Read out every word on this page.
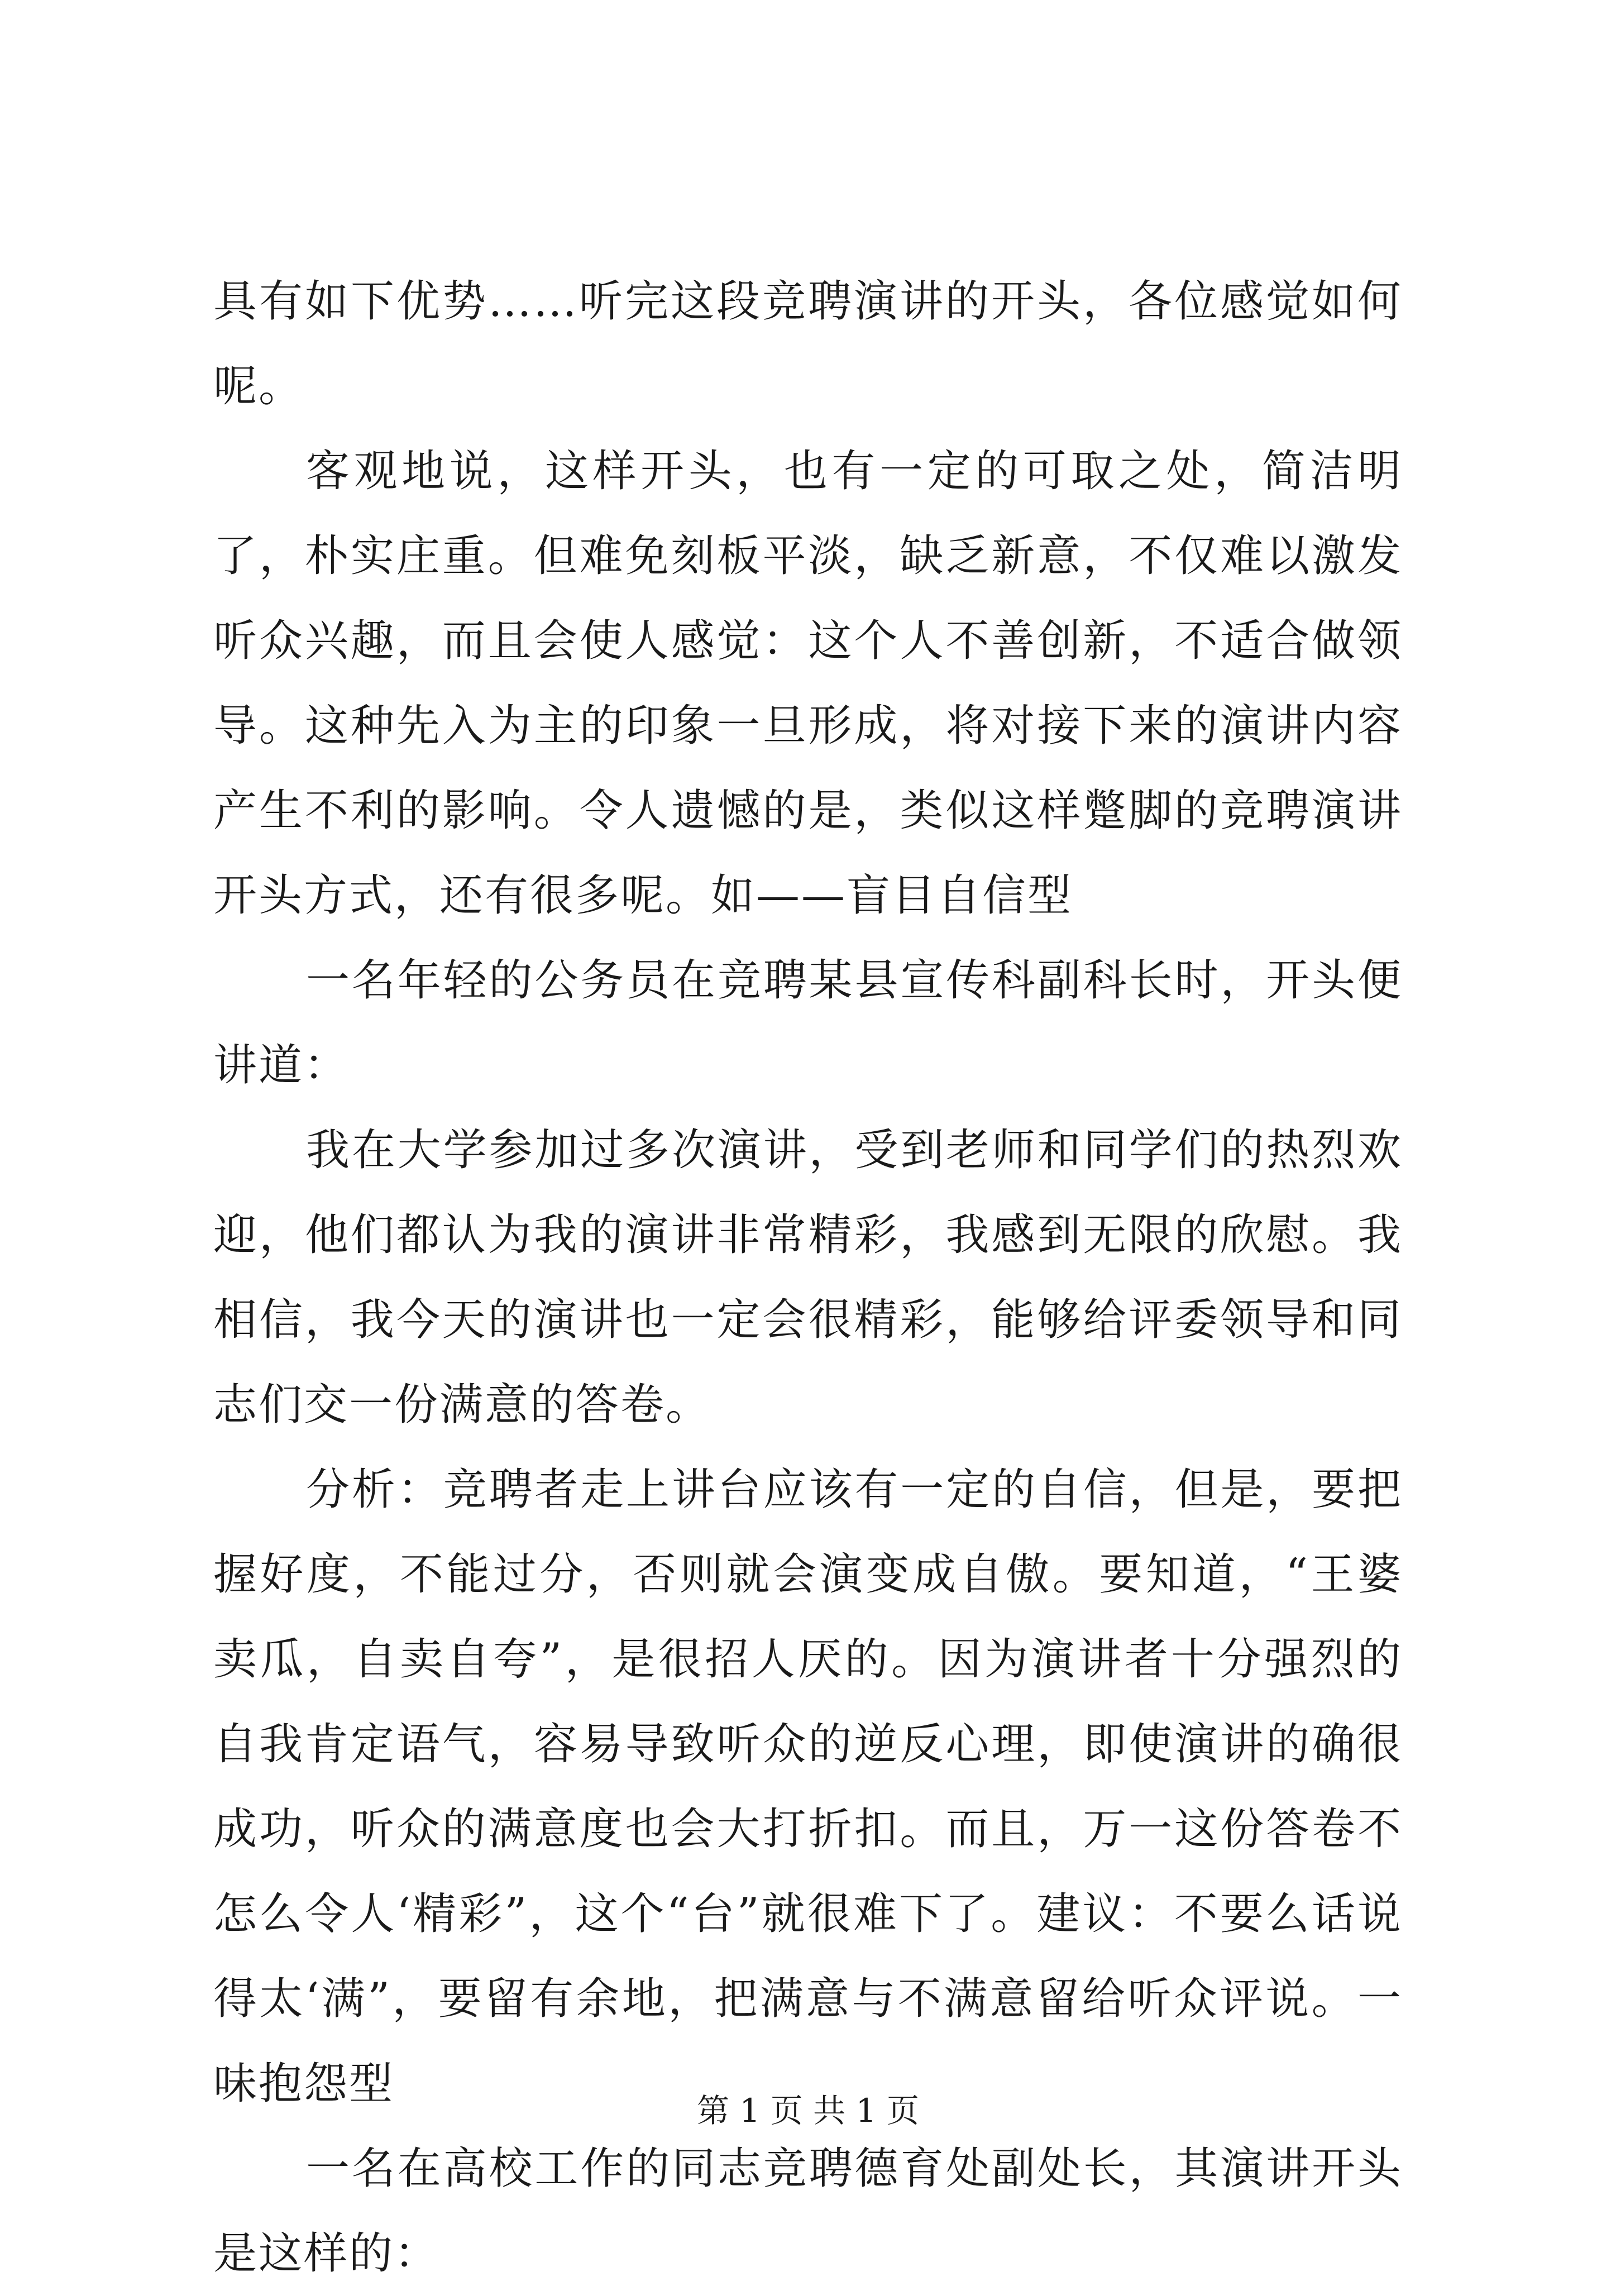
具有如下优势……听完这段竞聘演讲的开头，各位感觉如何呢。

客观地说，这样开头，也有一定的可取之处，简洁明了，朴实庄重。但难免刻板平淡，缺乏新意，不仅难以激发听众兴趣，而且会使人感觉：这个人不善创新，不适合做领导。这种先入为主的印象一旦形成，将对接下来的演讲内容产生不利的影响。令人遗憾的是，类似这样蹩脚的竞聘演讲开头方式，还有很多呢。如——盲目自信型

一名年轻的公务员在竞聘某县宣传科副科长时，开头便讲道：

我在大学参加过多次演讲，受到老师和同学们的热烈欢迎，他们都认为我的演讲非常精彩，我感到无限的欣慰。我相信，我今天的演讲也一定会很精彩，能够给评委领导和同志们交一份满意的答卷。

分析：竞聘者走上讲台应该有一定的自信，但是，要把握好度，不能过分，否则就会演变成自傲。要知道，“王婆卖瓜，自卖自夸”，是很招人厌的。因为演讲者十分强烈的自我肯定语气，容易导致听众的逆反心理，即使演讲的确很成功，听众的满意度也会大打折扣。而且，万一这份答卷不怎么令人‘精彩”，这个“台”就很难下了。建议：不要么话说得太‘满”，要留有余地，把满意与不满意留给听众评说。一味抱怨型

一名在高校工作的同志竞聘德育处副处长，其演讲开头是这样的：

第 1 页 共 1 页
